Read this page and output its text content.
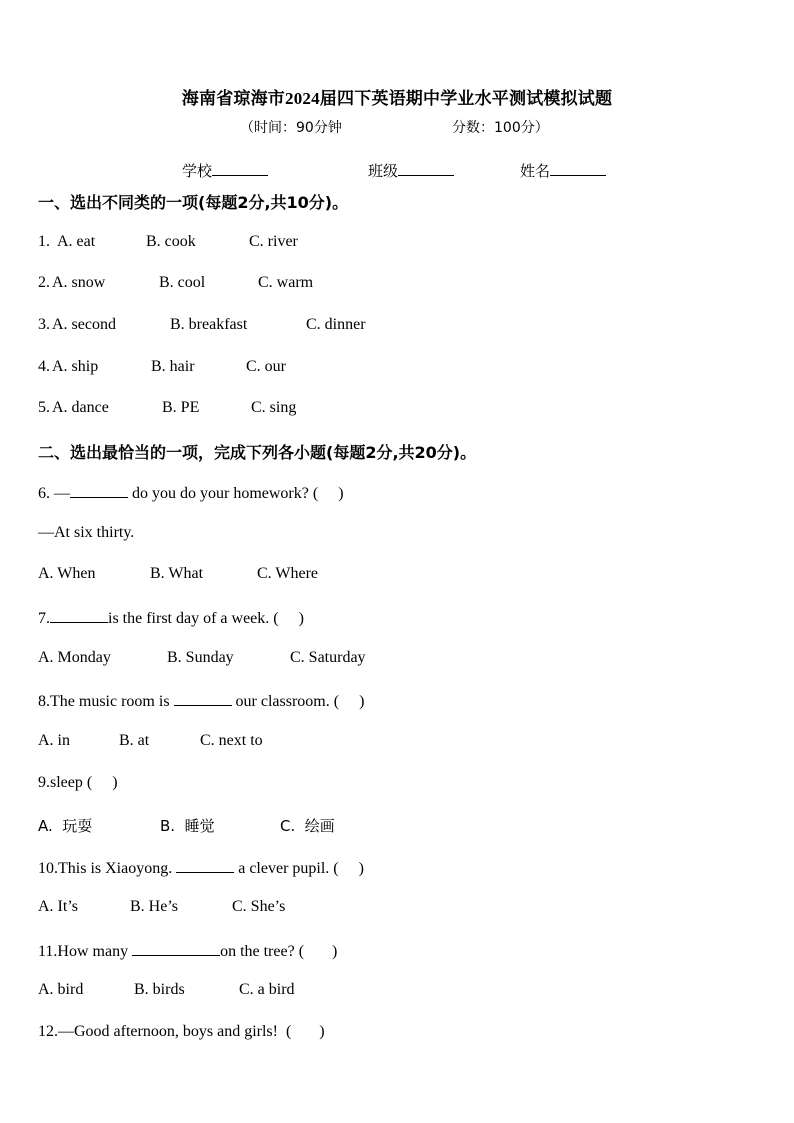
海南省琼海市2024届四下英语期中学业水平测试模拟试题
（时间：90分钟	分数：100分）
学校	班级	姓名
一、选出不同类的一项(每题2分,共10分)。
1. A. eat	B. cook	C. river
2. A. snow	B. cool	C. warm
3. A. second	B. breakfast	C. dinner
4. A. ship	B. hair	C. our
5. A. dance	B. PE	C. sing
二、选出最恰当的一项，完成下列各小题(每题2分,共20分)。
6. —	do you do your homework? (     )
—At six thirty.
A. When	B. What	C. Where
7.	is the first day of a week. (     )
A. Monday	B. Sunday	C. Saturday
8.The music room is	our classroom. (     )
A. in	B. at	C. next to
9.sleep (     )
A.  玩耍	B.  睡觉	C.  绘画
10.This is Xiaoyong.	a clever pupil. (     )
A. It’s	B. He’s	C. She’s
11.How many	on the tree? (       )
A. bird	B. birds	C. a bird
12.—Good afternoon, boys and girls!  (       )
